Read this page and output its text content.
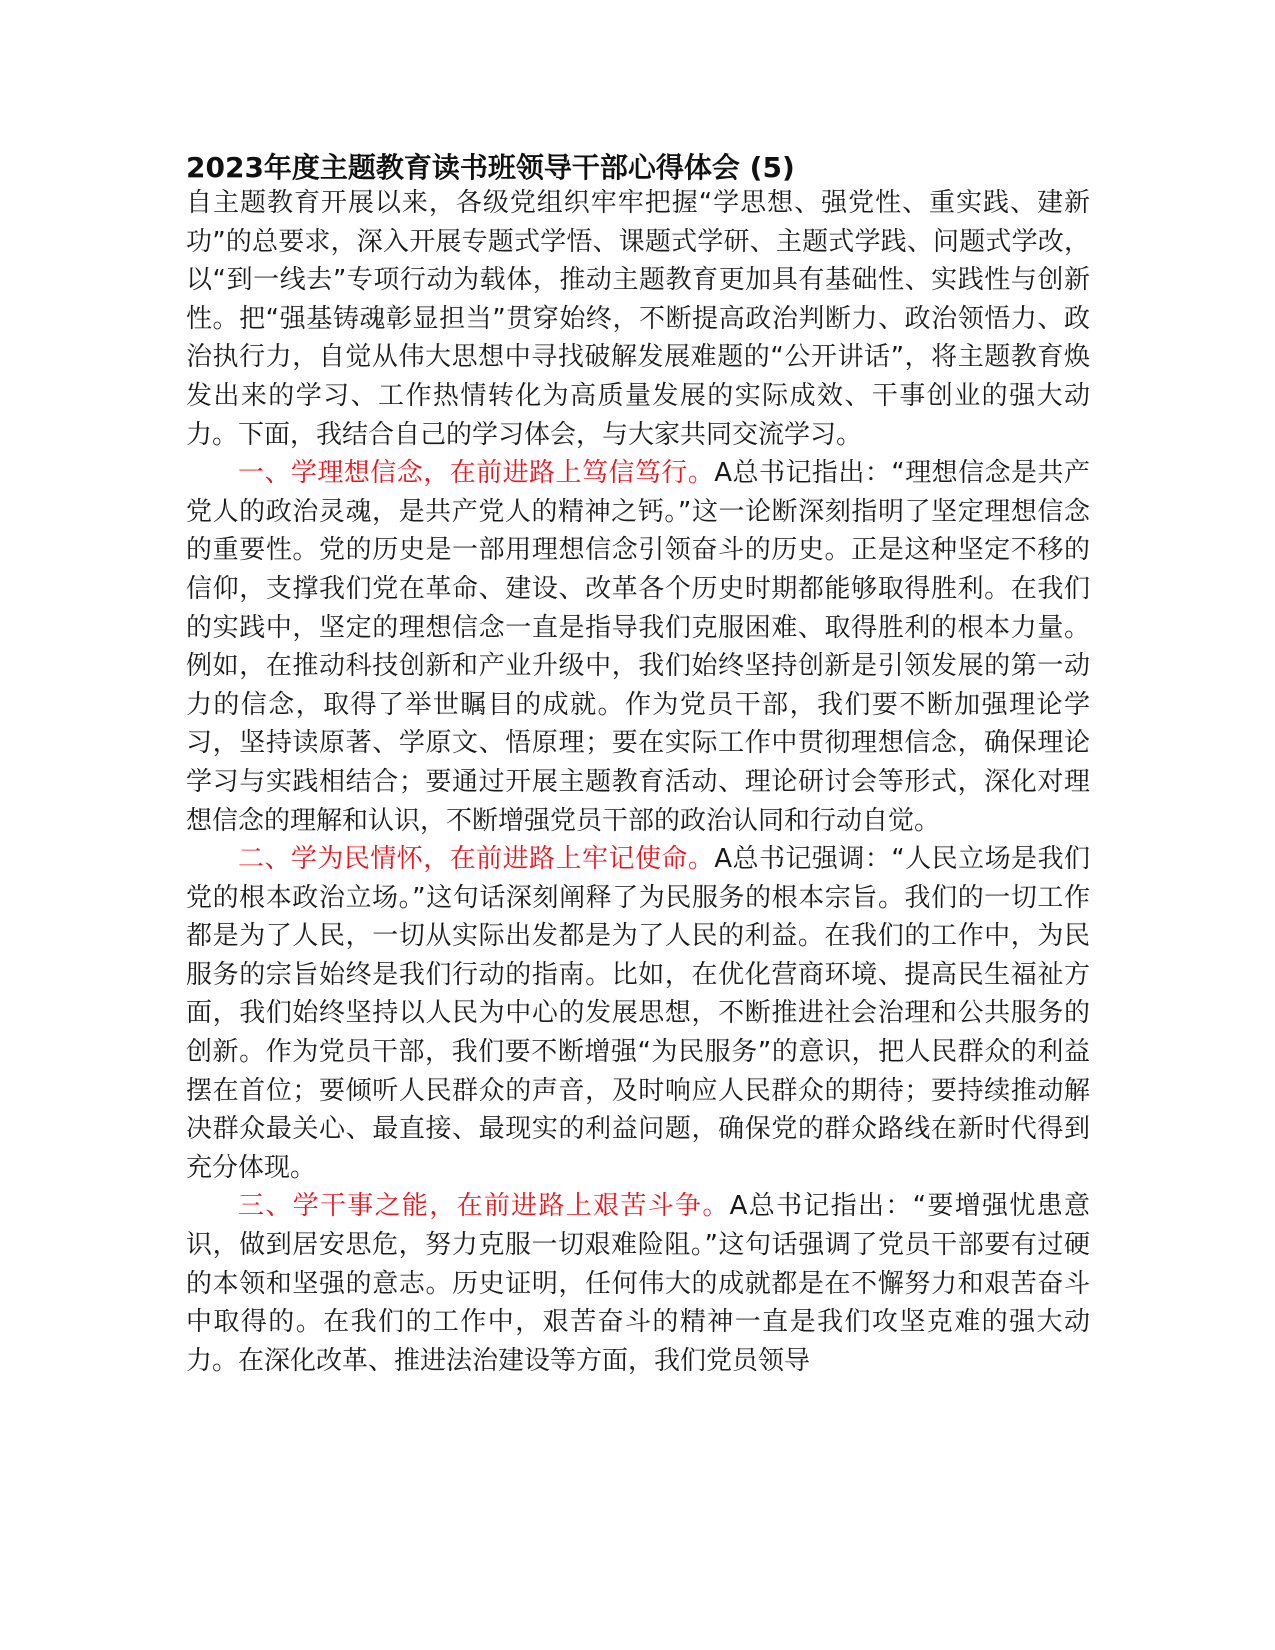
2023年度主题教育读书班领导干部心得体会 (5)

自主题教育开展以来，各级党组织牢牢把握“学思想、强党性、重实践、建新功”的总要求，深入开展专题式学悟、课题式学研、主题式学践、问题式学改，以“到一线去”专项行动为载体，推动主题教育更加具有基础性、实践性与创新性。把“强基铸魂彰显担当”贯穿始终，不断提高政治判断力、政治领悟力、政治执行力，自觉从伟大思想中寻找破解发展难题的“公开讲话”，将主题教育焕发出来的学习、工作热情转化为高质量发展的实际成效、干事创业的强大动力。下面，我结合自己的学习体会，与大家共同交流学习。

一、学理想信念，在前进路上笃信笃行。A总书记指出：“理想信念是共产党人的政治灵魂，是共产党人的精神之钙。”这一论断深刻指明了坚定理想信念的重要性。党的历史是一部用理想信念引领奋斗的历史。正是这种坚定不移的信仰，支撑我们党在革命、建设、改革各个历史时期都能够取得胜利。在我们的实践中，坚定的理想信念一直是指导我们克服困难、取得胜利的根本力量。例如，在推动科技创新和产业升级中，我们始终坚持创新是引领发展的第一动力的信念，取得了举世瞩目的成就。作为党员干部，我们要不断加强理论学习，坚持读原著、学原文、悟原理；要在实际工作中贯彻理想信念，确保理论学习与实践相结合；要通过开展主题教育活动、理论研讨会等形式，深化对理想信念的理解和认识，不断增强党员干部的政治认同和行动自觉。

二、学为民情怀，在前进路上牢记使命。A总书记强调：“人民立场是我们党的根本政治立场。”这句话深刻阐释了为民服务的根本宗旨。我们的一切工作都是为了人民，一切从实际出发都是为了人民的利益。在我们的工作中，为民服务的宗旨始终是我们行动的指南。比如，在优化营商环境、提高民生福祉方面，我们始终坚持以人民为中心的发展思想，不断推进社会治理和公共服务的创新。作为党员干部，我们要不断增强“为民服务”的意识，把人民群众的利益摆在首位；要倾听人民群众的声音，及时响应人民群众的期待；要持续推动解决群众最关心、最直接、最现实的利益问题，确保党的群众路线在新时代得到充分体现。

三、学干事之能，在前进路上艰苦斗争。A总书记指出：“要增强忧患意识，做到居安思危，努力克服一切艰难险阻。”这句话强调了党员干部要有过硬的本领和坚强的意志。历史证明，任何伟大的成就都是在不懈努力和艰苦奋斗中取得的。在我们的工作中，艰苦奋斗的精神一直是我们攻坚克难的强大动力。在深化改革、推进法治建设等方面，我们党员领导
